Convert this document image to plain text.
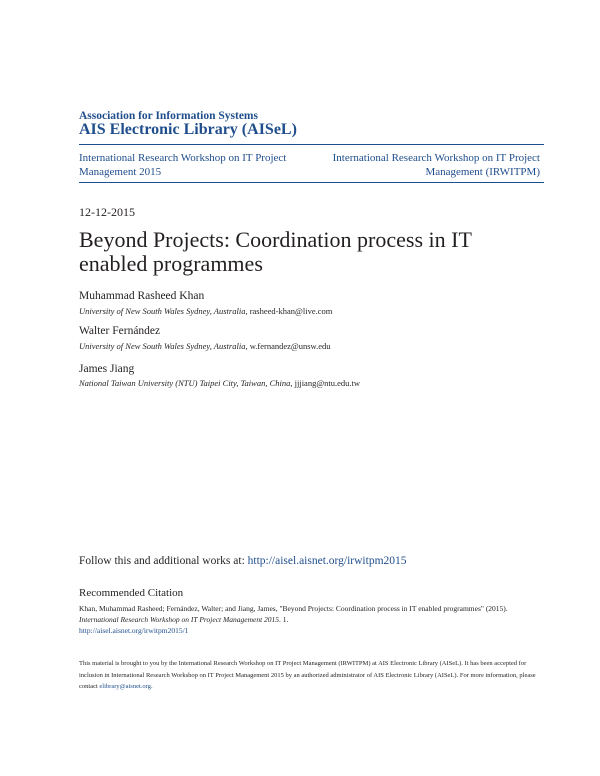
Association for Information Systems
AIS Electronic Library (AISeL)
International Research Workshop on IT Project Management 2015
International Research Workshop on IT Project Management (IRWITPM)
12-12-2015
Beyond Projects: Coordination process in IT enabled programmes
Muhammad Rasheed Khan
University of New South Wales Sydney, Australia, rasheed-khan@live.com
Walter Fernández
University of New South Wales Sydney, Australia, w.fernandez@unsw.edu
James Jiang
National Taiwan University (NTU) Taipei City, Taiwan, China, jjjiang@ntu.edu.tw
Follow this and additional works at: http://aisel.aisnet.org/irwitpm2015
Recommended Citation
Khan, Muhammad Rasheed; Fernández, Walter; and Jiang, James, "Beyond Projects: Coordination process in IT enabled programmes" (2015). International Research Workshop on IT Project Management 2015. 1.
http://aisel.aisnet.org/irwitpm2015/1
This material is brought to you by the International Research Workshop on IT Project Management (IRWITPM) at AIS Electronic Library (AISeL). It has been accepted for inclusion in International Research Workshop on IT Project Management 2015 by an authorized administrator of AIS Electronic Library (AISeL). For more information, please contact elibrary@aisnet.org.
